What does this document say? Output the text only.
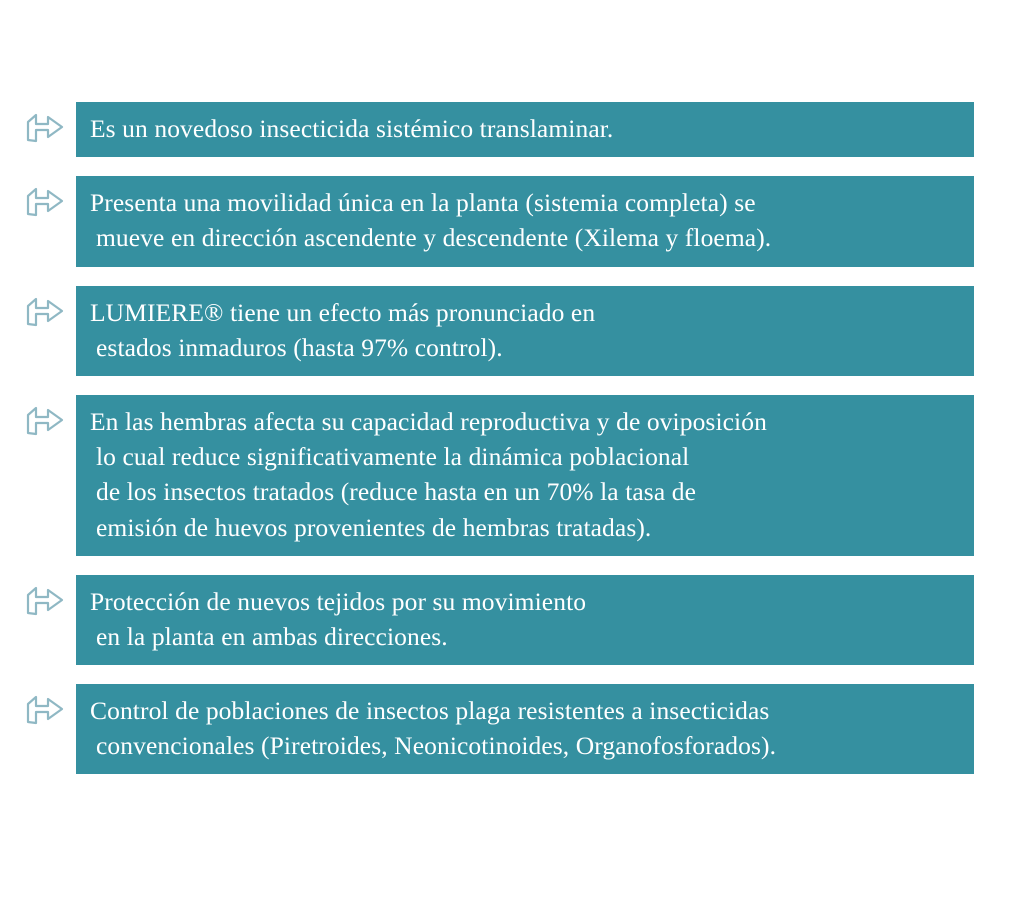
Es un novedoso insecticida sistémico translaminar.
Presenta una movilidad única en la planta (sistemia completa) se
mueve en dirección ascendente y descendente (Xilema y floema).
LUMIERE® tiene un efecto más pronunciado en
estados inmaduros (hasta 97% control).
En las hembras afecta su capacidad reproductiva y de oviposición
lo cual reduce significativamente la dinámica poblacional
de los insectos tratados (reduce hasta en un 70% la tasa de
emisión de huevos provenientes de hembras tratadas).
Protección de nuevos tejidos por su movimiento
en la planta en ambas direcciones.
Control de poblaciones de insectos plaga resistentes a insecticidas
convencionales (Piretroides, Neonicotinoides, Organofosforados).
